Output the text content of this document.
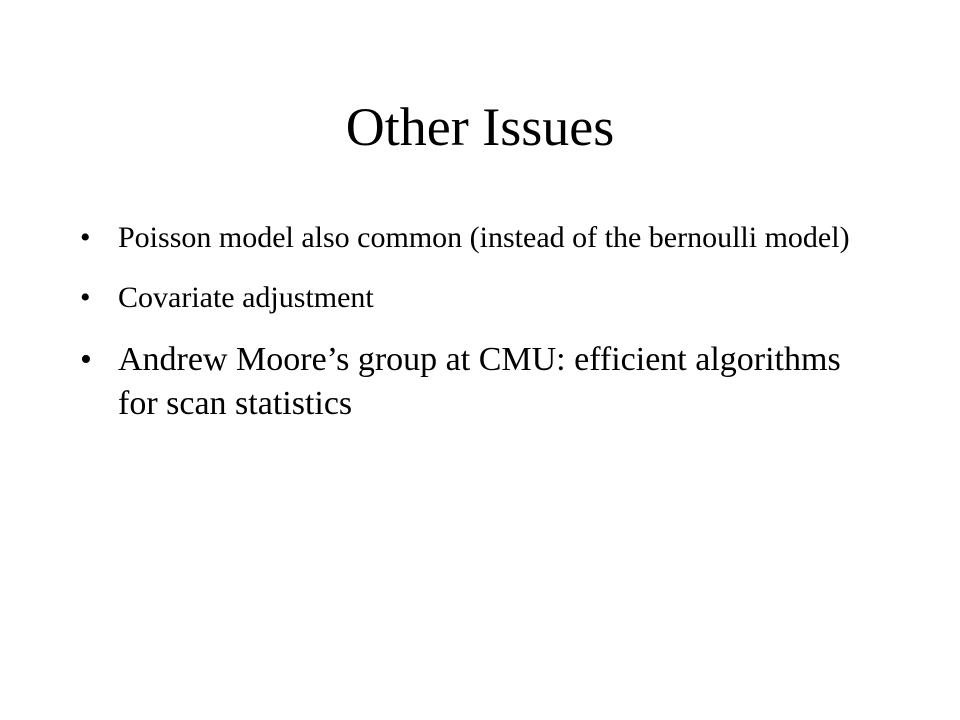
Other Issues
• Poisson model also common (instead of the bernoulli model)
• Covariate adjustment
• Andrew Moore’s group at CMU: efficient algorithms for scan statistics
